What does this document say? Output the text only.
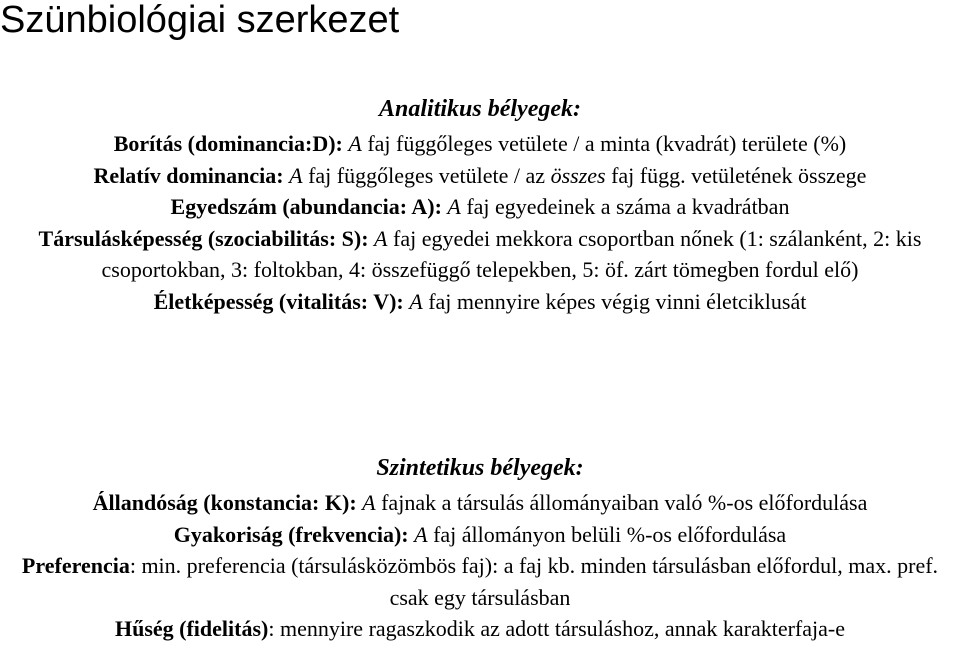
Szünbiológiai szerkezet
Analitikus bélyegek:

Borítás (dominancia:D): A faj függőleges vetülete / a minta (kvadrát) területe (%)

Relatív dominancia: A faj függőleges vetülete / az összes faj függ. vetületének összege

Egyedszám (abundancia: A): A faj egyedeinek a száma a kvadrátban

Társulásképesség (szociabilitás: S): A faj egyedei mekkora csoportban nőnek (1: szálanként, 2: kis csoportokban, 3: foltokban, 4: összefüggő telepekben, 5: öf. zárt tömegben fordul elő)

Életképesség (vitalitás: V): A faj mennyire képes végig vinni életciklusát

Szintetikus bélyegek:

Állandóság (konstancia: K): A fajnak a társulás állományaiban való %-os előfordulása

Gyakoriság (frekvencia): A faj állományon belüli %-os előfordulása

Preferencia: min. preferencia (társulásközömbös faj): a faj kb. minden társulásban előfordul, max. pref. csak egy társulásban

Hűség (fidelitás): mennyire ragaszkodik az adott társuláshoz, annak karakterfaja-e
